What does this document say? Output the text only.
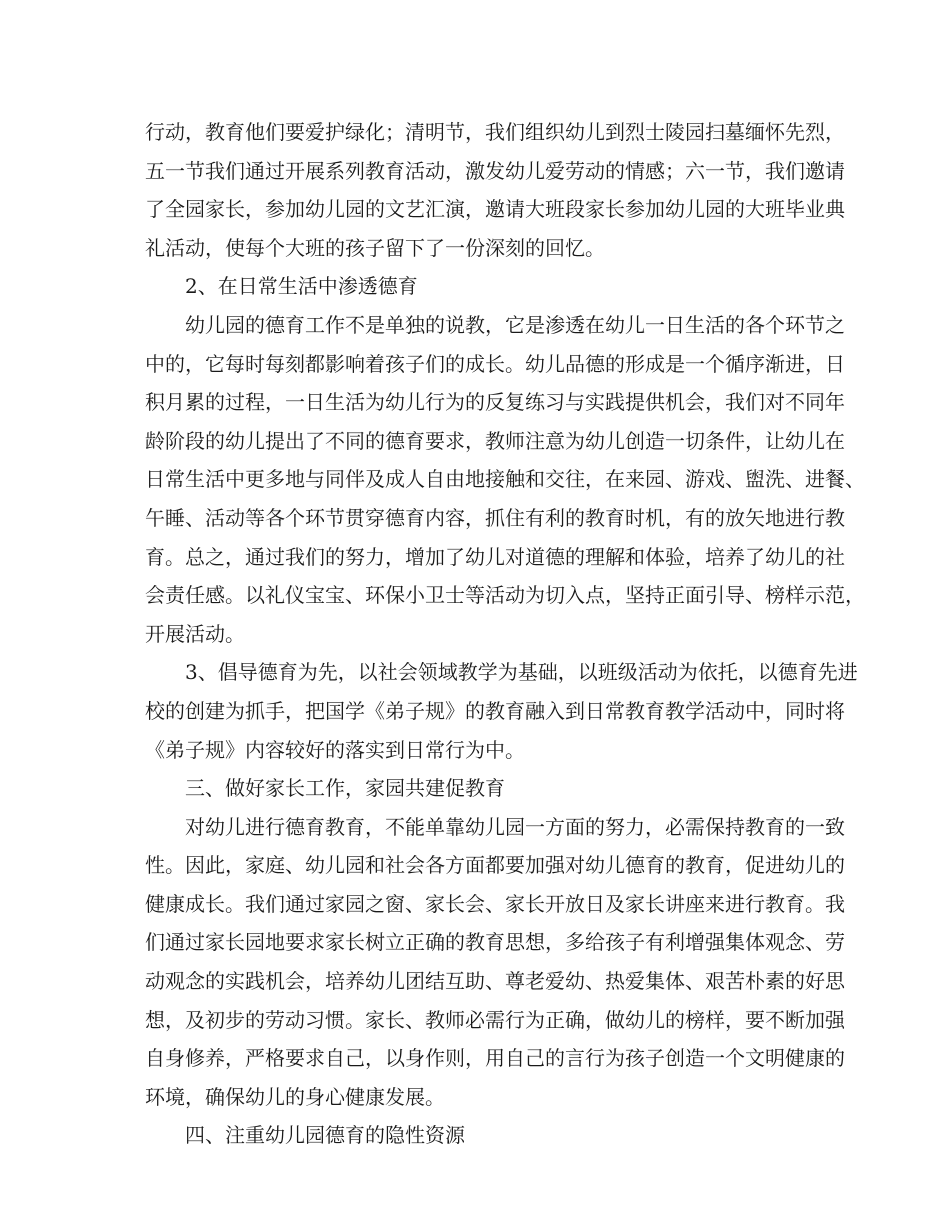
行动，教育他们要爱护绿化；清明节，我们组织幼儿到烈士陵园扫墓缅怀先烈，
五一节我们通过开展系列教育活动，激发幼儿爱劳动的情感；六一节，我们邀请
了全园家长，参加幼儿园的文艺汇演，邀请大班段家长参加幼儿园的大班毕业典
礼活动，使每个大班的孩子留下了一份深刻的回忆。
2、在日常生活中渗透德育
幼儿园的德育工作不是单独的说教，它是渗透在幼儿一日生活的各个环节之
中的，它每时每刻都影响着孩子们的成长。幼儿品德的形成是一个循序渐进，日
积月累的过程，一日生活为幼儿行为的反复练习与实践提供机会，我们对不同年
龄阶段的幼儿提出了不同的德育要求，教师注意为幼儿创造一切条件，让幼儿在
日常生活中更多地与同伴及成人自由地接触和交往，在来园、游戏、盥洗、进餐、
午睡、活动等各个环节贯穿德育内容，抓住有利的教育时机，有的放矢地进行教
育。总之，通过我们的努力，增加了幼儿对道德的理解和体验，培养了幼儿的社
会责任感。以礼仪宝宝、环保小卫士等活动为切入点，坚持正面引导、榜样示范，
开展活动。
3、倡导德育为先，以社会领域教学为基础，以班级活动为依托，以德育先进
校的创建为抓手，把国学《弟子规》的教育融入到日常教育教学活动中，同时将
《弟子规》内容较好的落实到日常行为中。
三、做好家长工作，家园共建促教育
对幼儿进行德育教育，不能单靠幼儿园一方面的努力，必需保持教育的一致
性。因此，家庭、幼儿园和社会各方面都要加强对幼儿德育的教育，促进幼儿的
健康成长。我们通过家园之窗、家长会、家长开放日及家长讲座来进行教育。我
们通过家长园地要求家长树立正确的教育思想，多给孩子有利增强集体观念、劳
动观念的实践机会，培养幼儿团结互助、尊老爱幼、热爱集体、艰苦朴素的好思
想，及初步的劳动习惯。家长、教师必需行为正确，做幼儿的榜样，要不断加强
自身修养，严格要求自己，以身作则，用自己的言行为孩子创造一个文明健康的
环境，确保幼儿的身心健康发展。
四、注重幼儿园德育的隐性资源
